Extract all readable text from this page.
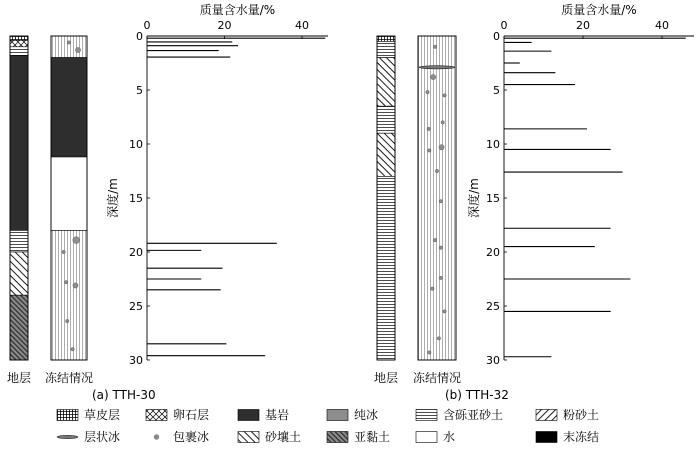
地层 冻结情况
0	20	40
0
5
10
15
20
25
30
质量含水量/%
深度/m
(a) TTH-30
地层 冻结情况
0	20	40
0
5
10
15
20
25
30
质量含水量/%
深度/m
(b) TTH-32
草皮层	卵石层	基岩	纯冰	含砾亚砂土	粉砂土
层状冰	包裹冰	砂壤土	亚黏土	水	末冻结
